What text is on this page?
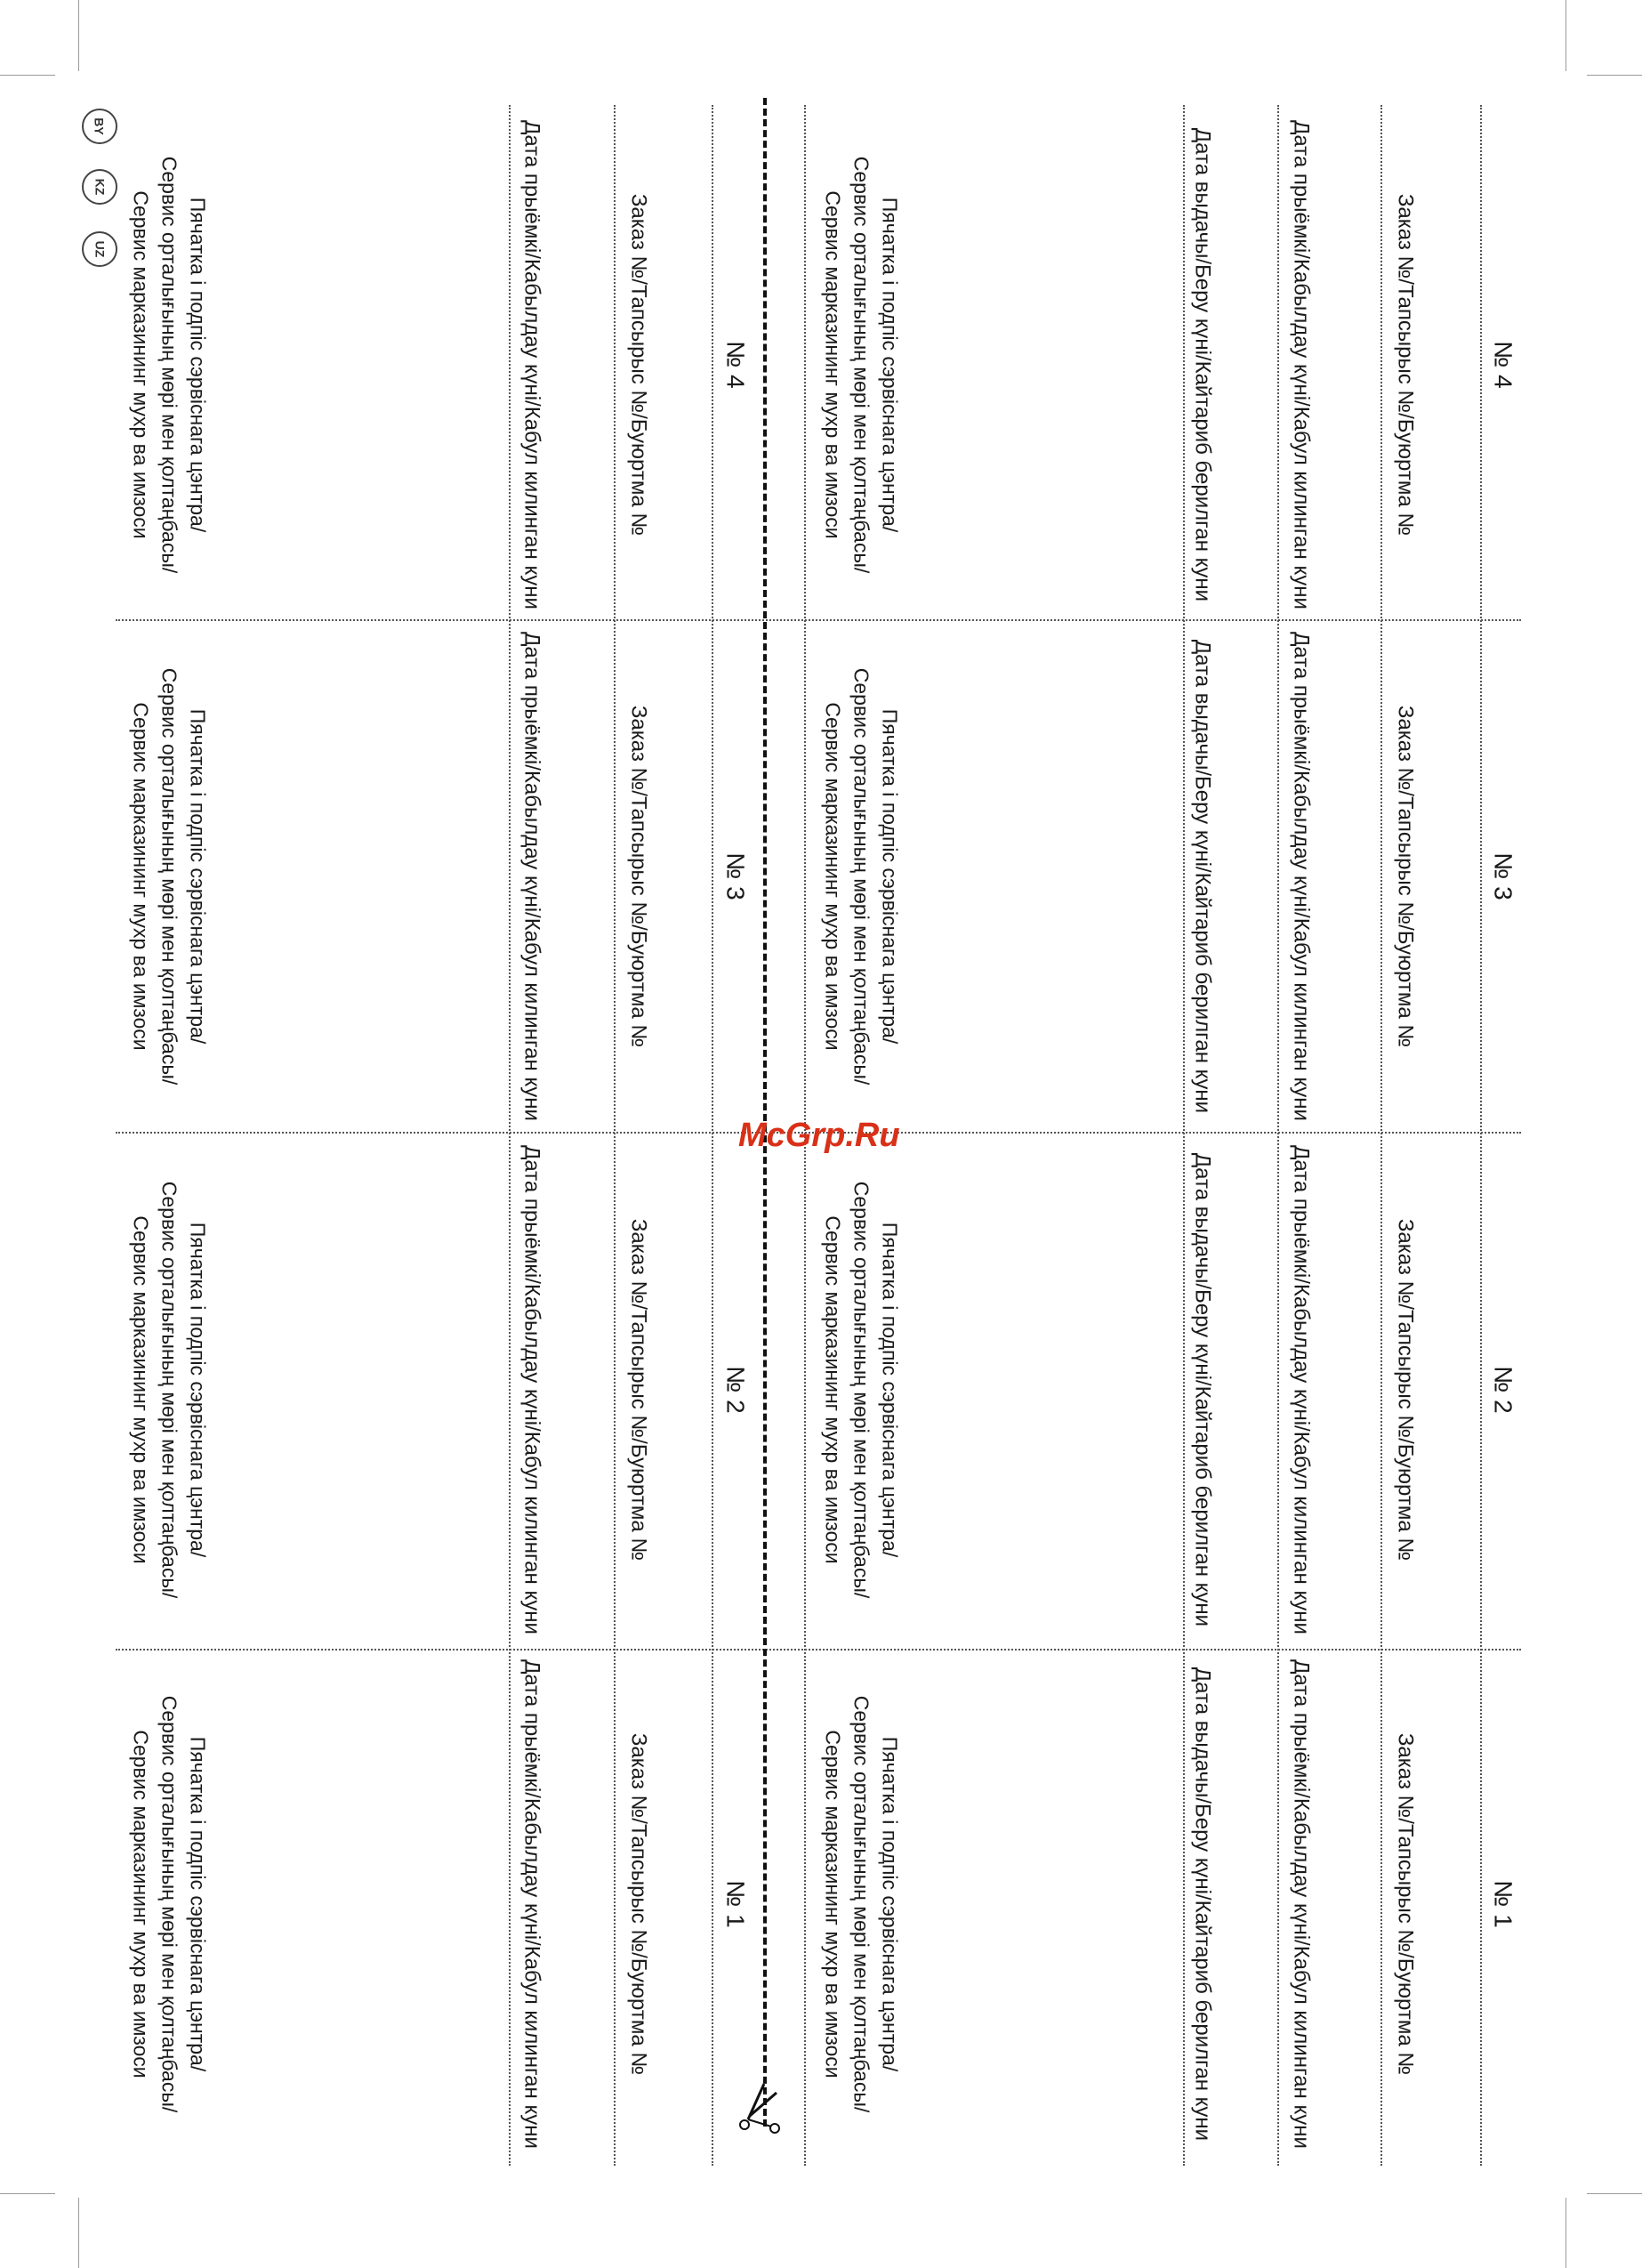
BY
KZ
UZ
№ 4
Заказ №/Тапсырыс №/Буюртма №
Дата прыёмкі/Кабылдау күні/Кабул килинган куни
Дата выдачы/Беру күні/Кайтариб берилган куни
Пячатка і подпіс сэрвіснага цэнтра/
Сервис орталығының мөрі мен қолтаңбасы/
Сервис марказининг мухр ва имзоси
№ 4
Заказ №/Тапсырыс №/Буюртма №
Дата прыёмкі/Кабылдау күні/Кабул килинган куни
Пячатка і подпіс сэрвіснага цэнтра/
Сервис орталығының мөрі мен қолтаңбасы/
Сервис марказининг мухр ва имзоси
№ 3
Заказ №/Тапсырыс №/Буюртма №
Дата прыёмкі/Кабылдау күні/Кабул килинган куни
Дата выдачы/Беру күні/Кайтариб берилган куни
Пячатка і подпіс сэрвіснага цэнтра/
Сервис орталығының мөрі мен қолтаңбасы/
Сервис марказининг мухр ва имзоси
№ 3
Заказ №/Тапсырыс №/Буюртма №
Дата прыёмкі/Кабылдау күні/Кабул килинган куни
Пячатка і подпіс сэрвіснага цэнтра/
Сервис орталығының мөрі мен қолтаңбасы/
Сервис марказининг мухр ва имзоси
№ 2
Заказ №/Тапсырыс №/Буюртма №
Дата прыёмкі/Кабылдау күні/Кабул килинган куни
Дата выдачы/Беру күні/Кайтариб берилган куни
Пячатка і подпіс сэрвіснага цэнтра/
Сервис орталығының мөрі мен қолтаңбасы/
Сервис марказининг мухр ва имзоси
№ 2
Заказ №/Тапсырыс №/Буюртма №
Дата прыёмкі/Кабылдау күні/Кабул килинган куни
Пячатка і подпіс сэрвіснага цэнтра/
Сервис орталығының мөрі мен қолтаңбасы/
Сервис марказининг мухр ва имзоси
№ 1
Заказ №/Тапсырыс №/Буюртма №
Дата прыёмкі/Кабылдау күні/Кабул килинган куни
Дата выдачы/Беру күні/Кайтариб берилган куни
Пячатка і подпіс сэрвіснага цэнтра/
Сервис орталығының мөрі мен қолтаңбасы/
Сервис марказининг мухр ва имзоси
№ 1
Заказ №/Тапсырыс №/Буюртма №
Дата прыёмкі/Кабылдау күні/Кабул килинган куни
Пячатка і подпіс сэрвіснага цэнтра/
Сервис орталығының мөрі мен қолтаңбасы/
Сервис марказининг мухр ва имзоси
McGrp.Ru
